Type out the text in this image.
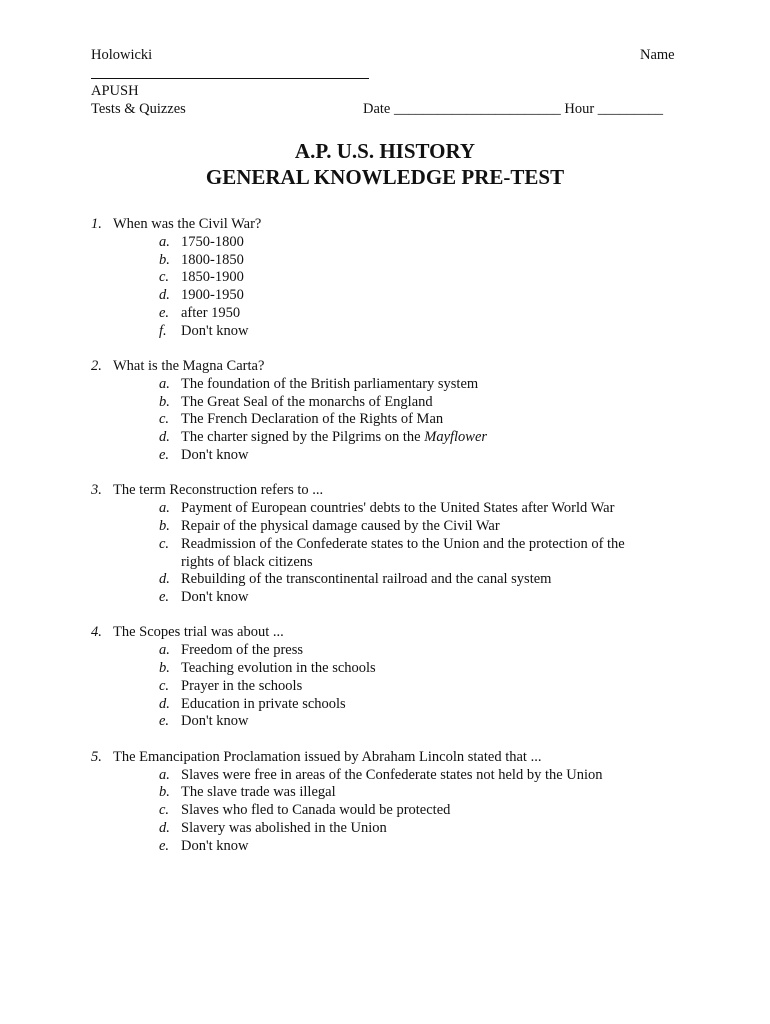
Holowicki	Name
APUSH
Tests & Quizzes	Date _______________________ Hour _________
A.P. U.S. HISTORY
GENERAL KNOWLEDGE PRE-TEST
1. When was the Civil War?
a. 1750-1800
b. 1800-1850
c. 1850-1900
d. 1900-1950
e. after 1950
f. Don't know
2. What is the Magna Carta?
a. The foundation of the British parliamentary system
b. The Great Seal of the monarchs of England
c. The French Declaration of the Rights of Man
d. The charter signed by the Pilgrims on the Mayflower
e. Don't know
3. The term Reconstruction refers to ...
a. Payment of European countries' debts to the United States after World War
b. Repair of the physical damage caused by the Civil War
c. Readmission of the Confederate states to the Union and the protection of the rights of black citizens
d. Rebuilding of the transcontinental railroad and the canal system
e. Don't know
4. The Scopes trial was about ...
a. Freedom of the press
b. Teaching evolution in the schools
c. Prayer in the schools
d. Education in private schools
e. Don't know
5. The Emancipation Proclamation issued by Abraham Lincoln stated that ...
a. Slaves were free in areas of the Confederate states not held by the Union
b. The slave trade was illegal
c. Slaves who fled to Canada would be protected
d. Slavery was abolished in the Union
e. Don't know
